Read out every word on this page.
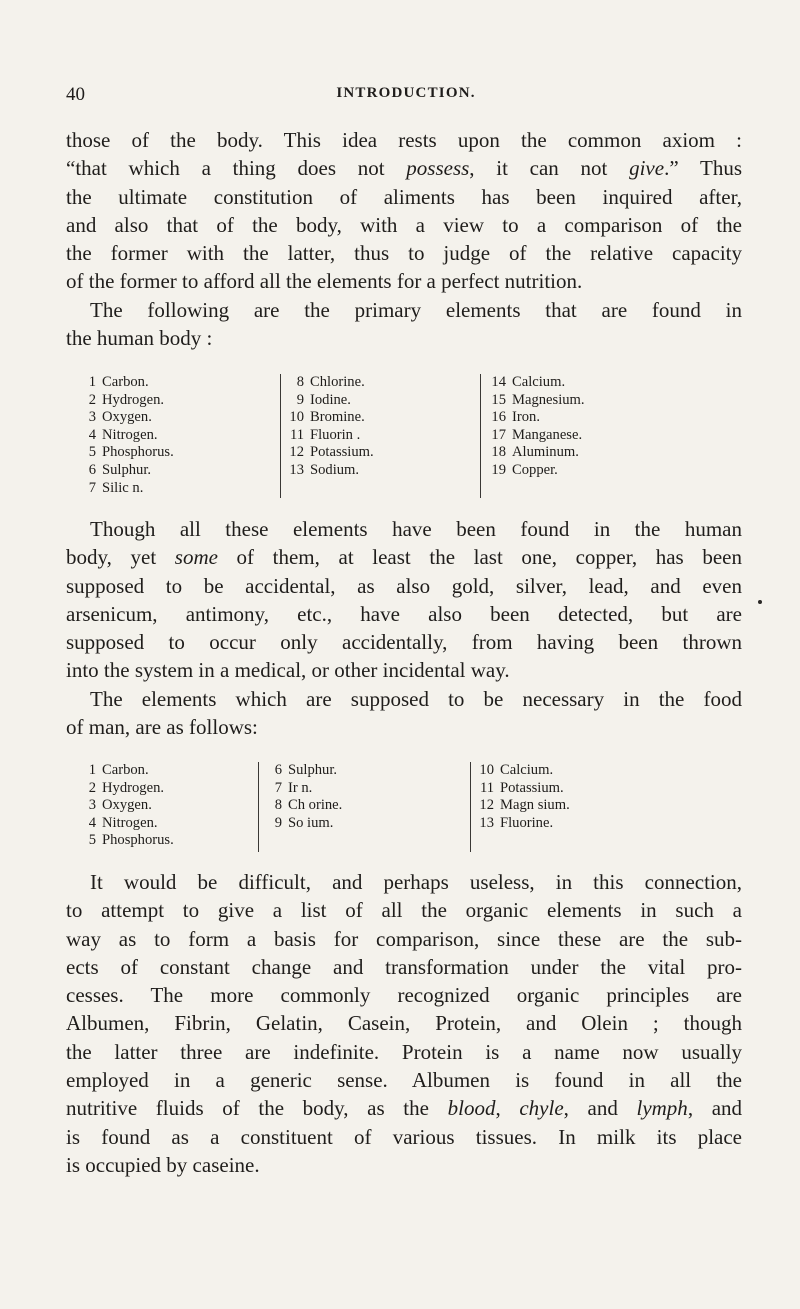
40	INTRODUCTION.

those of the body. This idea rests upon the common axiom :
“that which a thing does not possess, it can not give.” Thus
the ultimate constitution of aliments has been inquired after,
and also that of the body, with a view to a comparison of the
the former with the latter, thus to judge of the relative capacity
of the former to afford all the elements for a perfect nutrition.

The following are the primary elements that are found in
the human body :

1 Carbon.
2 Hydrogen.
3 Oxygen.
4 Nitrogen.
5 Phosphorus.
6 Sulphur.
7 Silic n.
8 Chlorine.
9 Iodine.
10 Bromine.
11 Fluorin .
12 Potassium.
13 Sodium.
14 Calcium.
15 Magnesium.
16 Iron.
17 Manganese.
18 Aluminum.
19 Copper.

Though all these elements have been found in the human
body, yet some of them, at least the last one, copper, has been
supposed to be accidental, as also gold, silver, lead, and even
arsenicum, antimony, etc., have also been detected, but are
supposed to occur only accidentally, from having been thrown
into the system in a medical, or other incidental way.

The elements which are supposed to be necessary in the food
of man, are as follows:

1 Carbon.
2 Hydrogen.
3 Oxygen.
4 Nitrogen.
5 Phosphorus.
6 Sulphur.
7 Ir n.
8 Ch orine.
9 So ium.
10 Calcium.
11 Potassium.
12 Magn sium.
13 Fluorine.

It would be difficult, and perhaps useless, in this connection,
to attempt to give a list of all the organic elements in such a
way as to form a basis for comparison, since these are the sub-
ects of constant change and transformation under the vital pro-
cesses. The more commonly recognized organic principles are
Albumen, Fibrin, Gelatin, Casein, Protein, and Olein ; though
the latter three are indefinite. Protein is a name now usually
employed in a generic sense. Albumen is found in all the
nutritive fluids of the body, as the blood, chyle, and lymph, and
is found as a constituent of various tissues. In milk its place
is occupied by caseine.
